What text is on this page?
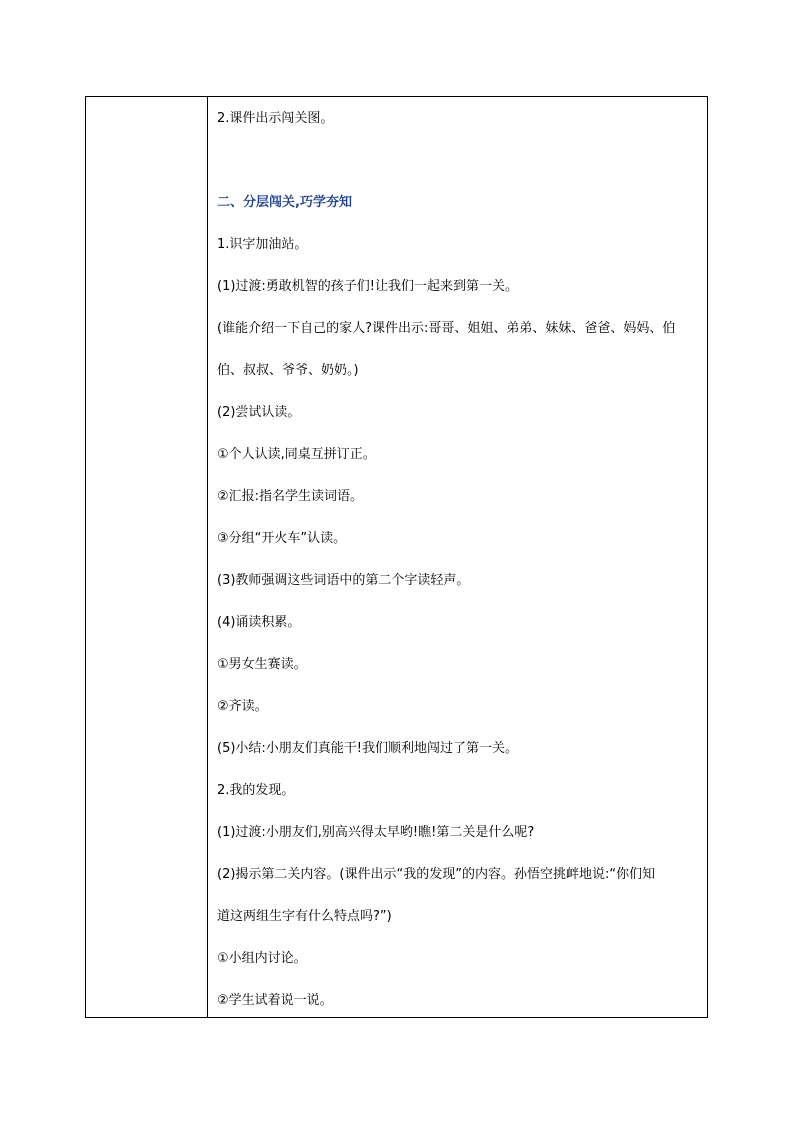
2.课件出示闯关图。
二、分层闯关,巧学夯知
1.识字加油站。
(1)过渡:勇敢机智的孩子们!让我们一起来到第一关。
(谁能介绍一下自己的家人?课件出示:哥哥、姐姐、弟弟、妹妹、爸爸、妈妈、伯
伯、叔叔、爷爷、奶奶。)
(2)尝试认读。
①个人认读,同桌互拼订正。
②汇报:指名学生读词语。
③分组“开火车”认读。
(3)教师强调这些词语中的第二个字读轻声。
(4)诵读积累。
①男女生赛读。
②齐读。
(5)小结:小朋友们真能干!我们顺利地闯过了第一关。
2.我的发现。
(1)过渡:小朋友们,别高兴得太早哟!瞧!第二关是什么呢?
(2)揭示第二关内容。(课件出示“我的发现”的内容。孙悟空挑衅地说:“你们知
道这两组生字有什么特点吗?”)
①小组内讨论。
②学生试着说一说。
